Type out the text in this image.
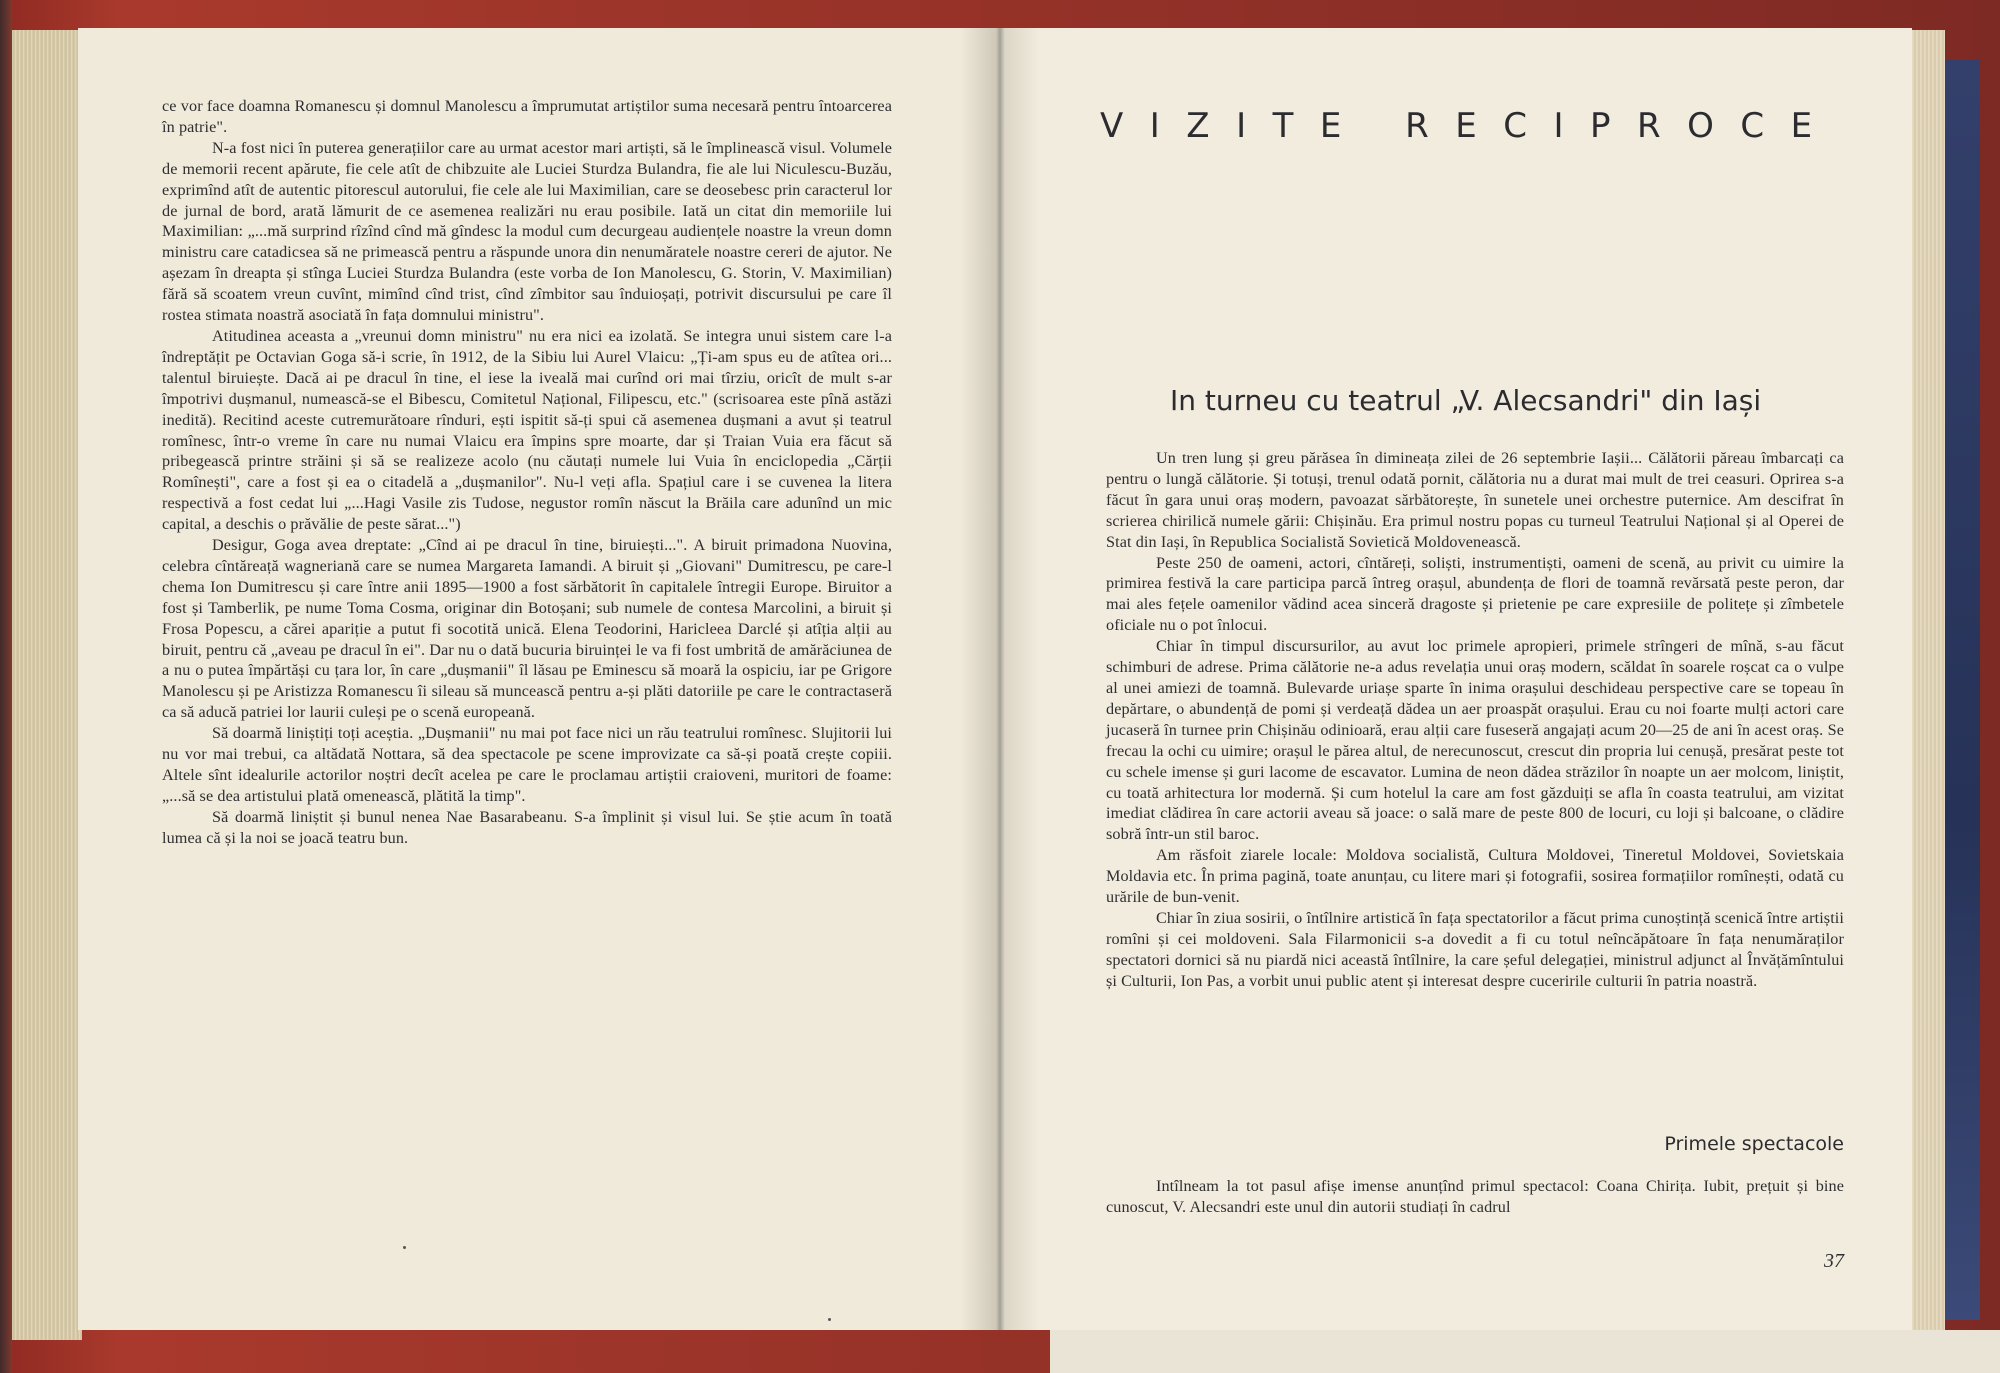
ce vor face doamna Romanescu și domnul Manolescu a împrumutat artiștilor suma necesară pentru întoarcerea în patrie".

N-a fost nici în puterea generațiilor care au urmat acestor mari artiști, să le împlinească visul. Volumele de memorii recent apărute, fie cele atît de chibzuite ale Luciei Sturdza Bulandra, fie ale lui Niculescu-Buzău, exprimînd atît de autentic pitorescul autorului, fie cele ale lui Maximilian, care se deosebesc prin caracterul lor de jurnal de bord, arată lămurit de ce asemenea realizări nu erau posibile. Iată un citat din memoriile lui Maximilian: „...mă surprind rîzînd cînd mă gîndesc la modul cum decurgeau audiențele noastre la vreun domn ministru care catadicsea să ne primească pentru a răspunde unora din nenumăratele noastre cereri de ajutor. Ne așezam în dreapta și stînga Luciei Sturdza Bulandra (este vorba de Ion Manolescu, G. Storin, V. Maximilian) fără să scoatem vreun cuvînt, mimînd cînd trist, cînd zîmbitor sau înduioșați, potrivit discursului pe care îl rostea stimata noastră asociată în fața domnului ministru".

Atitudinea aceasta a „vreunui domn ministru" nu era nici ea izolată. Se integra unui sistem care l-a îndreptățit pe Octavian Goga să-i scrie, în 1912, de la Sibiu lui Aurel Vlaicu: „Ți-am spus eu de atîtea ori... talentul biruiește. Dacă ai pe dracul în tine, el iese la iveală mai curînd ori mai tîrziu, oricît de mult s-ar împotrivi dușmanul, numească-se el Bibescu, Comitetul Național, Filipescu, etc." (scrisoarea este pînă astăzi inedită). Recitind aceste cutremurătoare rînduri, ești ispitit să-ți spui că asemenea dușmani a avut și teatrul romînesc, într-o vreme în care nu numai Vlaicu era împins spre moarte, dar și Traian Vuia era făcut să pribegească printre străini și să se realizeze acolo (nu căutați numele lui Vuia în enciclopedia „Cărții Romînești", care a fost și ea o citadelă a „dușmanilor". Nu-l veți afla. Spațiul care i se cuvenea la litera respectivă a fost cedat lui „...Hagi Vasile zis Tudose, negustor romîn născut la Brăila care adunînd un mic capital, a deschis o prăvălie de peste sărat...")

Desigur, Goga avea dreptate: „Cînd ai pe dracul în tine, biruiești...". A biruit primadona Nuovina, celebra cîntăreață wagneriană care se numea Margareta Iamandi. A biruit și „Giovani" Dumitrescu, pe care-l chema Ion Dumitrescu și care între anii 1895—1900 a fost sărbătorit în capitalele întregii Europe. Biruitor a fost și Tamberlik, pe nume Toma Cosma, originar din Botoșani; sub numele de contesa Marcolini, a biruit și Frosa Popescu, a cărei apariție a putut fi socotită unică. Elena Teodorini, Haricleea Darclé și atîția alții au biruit, pentru că „aveau pe dracul în ei". Dar nu o dată bucuria biruinței le va fi fost umbrită de amărăciunea de a nu o putea împărtăși cu țara lor, în care „dușmanii" îl lăsau pe Eminescu să moară la ospiciu, iar pe Grigore Manolescu și pe Aristizza Romanescu îi sileau să muncească pentru a-și plăti datoriile pe care le contractaseră ca să aducă patriei lor laurii culeși pe o scenă europeană.

Să doarmă liniștiți toți aceștia. „Dușmanii" nu mai pot face nici un rău teatrului romînesc. Slujitorii lui nu vor mai trebui, ca altădată Nottara, să dea spectacole pe scene improvizate ca să-și poată crește copiii. Altele sînt idealurile actorilor noștri decît acelea pe care le proclamau artiștii craioveni, muritori de foame: „...să se dea artistului plată omenească, plătită la timp".

Să doarmă liniștit și bunul nenea Nae Basarabeanu. S-a împlinit și visul lui. Se știe acum în toată lumea că și la noi se joacă teatru bun.

VIZITE RECIPROCE
In turneu cu teatrul „V. Alecsandri" din Iași

Un tren lung și greu părăsea în dimineața zilei de 26 septembrie Iașii... Călătorii păreau îmbarcați ca pentru o lungă călătorie. Și totuși, trenul odată pornit, călătoria nu a durat mai mult de trei ceasuri. Oprirea s-a făcut în gara unui oraș modern, pavoazat sărbătorește, în sunetele unei orchestre puternice. Am descifrat în scrierea chirilică numele gării: Chișinău. Era primul nostru popas cu turneul Teatrului Național și al Operei de Stat din Iași, în Republica Socialistă Sovietică Moldovenească.

Peste 250 de oameni, actori, cîntăreți, soliști, instrumentiști, oameni de scenă, au privit cu uimire la primirea festivă la care participa parcă întreg orașul, abundența de flori de toamnă revărsată peste peron, dar mai ales fețele oamenilor vădind acea sinceră dragoste și prietenie pe care expresiile de politețe și zîmbetele oficiale nu o pot înlocui.

Chiar în timpul discursurilor, au avut loc primele apropieri, primele strîngeri de mînă, s-au făcut schimburi de adrese. Prima călătorie ne-a adus revelația unui oraș modern, scăldat în soarele roșcat ca o vulpe al unei amiezi de toamnă. Bulevarde uriașe sparte în inima orașului deschideau perspective care se topeau în depărtare, o abundență de pomi și verdeață dădea un aer proaspăt orașului. Erau cu noi foarte mulți actori care jucaseră în turnee prin Chișinău odinioară, erau alții care fuseseră angajați acum 20—25 de ani în acest oraș. Se frecau la ochi cu uimire; orașul le părea altul, de nerecunoscut, crescut din propria lui cenușă, presărat peste tot cu schele imense și guri lacome de escavator. Lumina de neon dădea străzilor în noapte un aer molcom, liniștit, cu toată arhitectura lor modernă. Și cum hotelul la care am fost găzduiți se afla în coasta teatrului, am vizitat imediat clădirea în care actorii aveau să joace: o sală mare de peste 800 de locuri, cu loji și balcoane, o clădire sobră într-un stil baroc.

Am răsfoit ziarele locale: Moldova socialistă, Cultura Moldovei, Tineretul Moldovei, Sovietskaia Moldavia etc. În prima pagină, toate anunțau, cu litere mari și fotografii, sosirea formațiilor romînești, odată cu urările de bun-venit.

Chiar în ziua sosirii, o întîlnire artistică în fața spectatorilor a făcut prima cunoștință scenică între artiștii romîni și cei moldoveni. Sala Filarmonicii s-a dovedit a fi cu totul neîncăpătoare în fața nenumăraților spectatori dornici să nu piardă nici această întîlnire, la care șeful delegației, ministrul adjunct al Învățămîntului și Culturii, Ion Pas, a vorbit unui public atent și interesat despre cuceririle culturii în patria noastră.

Primele spectacole

Intîlneam la tot pasul afișe imense anunțînd primul spectacol: Coana Chirița. Iubit, prețuit și bine cunoscut, V. Alecsandri este unul din autorii studiați în cadrul

37
